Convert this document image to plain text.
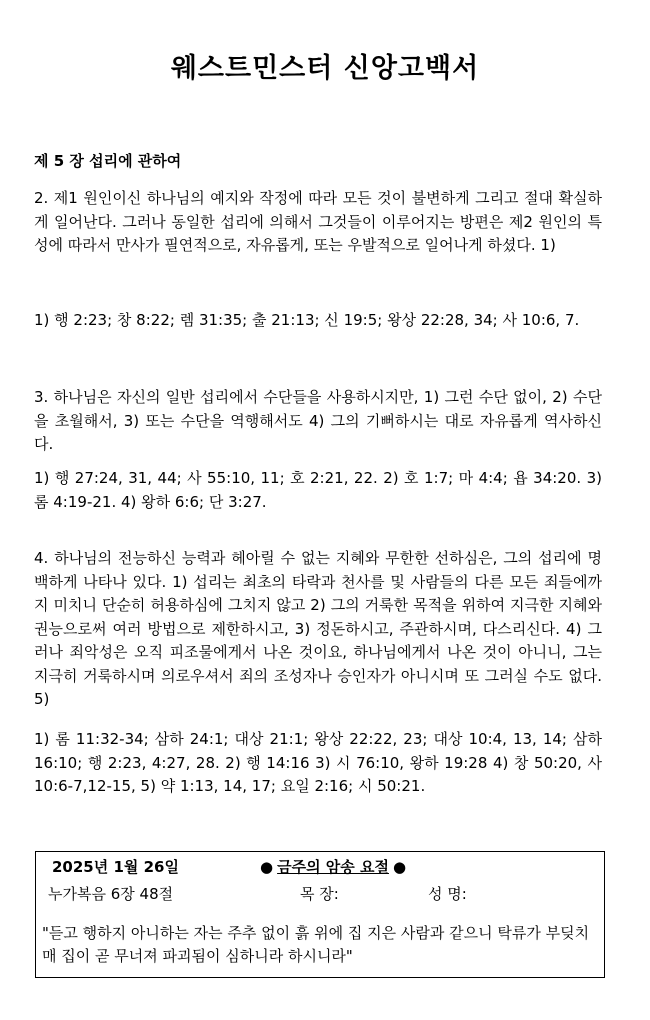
웨스트민스터 신앙고백서
제 5 장 섭리에 관하여

2. 제1 원인이신 하나님의 예지와 작정에 따라 모든 것이 불변하게 그리고 절대 확실하게 일어난다. 그러나 동일한 섭리에 의해서 그것들이 이루어지는 방편은 제2 원인의 특성에 따라서 만사가 필연적으로, 자유롭게, 또는 우발적으로 일어나게 하셨다. 1)

1) 행 2:23; 창 8:22; 렘 31:35; 출 21:13; 신 19:5; 왕상 22:28, 34; 사 10:6, 7.

3. 하나님은 자신의 일반 섭리에서 수단들을 사용하시지만, 1) 그런 수단 없이, 2) 수단을 초월해서, 3) 또는 수단을 역행해서도 4) 그의 기뻐하시는 대로 자유롭게 역사하신다.

1) 행 27:24, 31, 44; 사 55:10, 11; 호 2:21, 22. 2) 호 1:7; 마 4:4; 욥 34:20. 3) 롬 4:19-21. 4) 왕하 6:6; 단 3:27.

4. 하나님의 전능하신 능력과 헤아릴 수 없는 지혜와 무한한 선하심은, 그의 섭리에 명백하게 나타나 있다. 1) 섭리는 최초의 타락과 천사를 및 사람들의 다른 모든 죄들에까지 미치니 단순히 허용하심에 그치지 않고 2) 그의 거룩한 목적을 위하여 지극한 지혜와 권능으로써 여러 방법으로 제한하시고, 3) 정돈하시고, 주관하시며, 다스리신다. 4) 그러나 죄악성은 오직 피조물에게서 나온 것이요, 하나님에게서 나온 것이 아니니, 그는 지극히 거룩하시며 의로우셔서 죄의 조성자나 승인자가 아니시며 또 그러실 수도 없다. 5)

1) 롬 11:32-34; 삼하 24:1; 대상 21:1; 왕상 22:22, 23; 대상 10:4, 13, 14; 삼하 16:10; 행 2:23, 4:27, 28. 2) 행 14:16 3) 시 76:10, 왕하 19:28 4) 창 50:20, 사 10:6-7,12-15, 5) 약 1:13, 14, 17; 요일 2:16; 시 50:21.

2025년 1월 26일	● 금주의 암송 요절 ●
누가복음 6장 48절	목 장:	성 명:

"듣고 행하지 아니하는 자는 주추 없이 흙 위에 집 지은 사람과 같으니 탁류가 부딪치매 집이 곧 무너져 파괴됨이 심하니라 하시니라"
